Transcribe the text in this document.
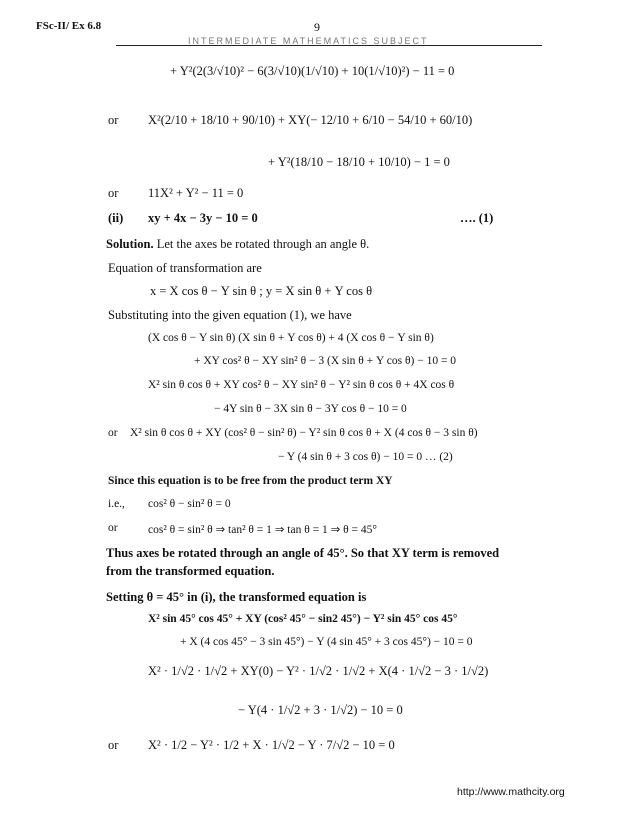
FSc-II/ Ex 6.8	9
INTERMEDIATE MATHEMATICS SUBJECT
+ Y²(2(3/√10)² − 6(3/√10)(1/√10) + 10(1/√10)²) − 11 = 0
or X²(2/10 + 18/10 + 90/10) + XY(− 12/10 + 6/10 − 54/10 + 60/10)
+ Y²(18/10 − 18/10 + 10/10) − 1 = 0
or 11X² + Y² − 11 = 0
(ii) xy + 4x − 3y − 10 = 0	…. (1)
Solution. Let the axes be rotated through an angle θ.
Equation of transformation are
x = X cos θ − Y sin θ ; y = X sin θ + Y cos θ
Substituting into the given equation (1), we have
(X cos θ − Y sin θ) (X sin θ + Y cos θ) + 4 (X cos θ − Y sin θ)
+ XY cos² θ − XY sin² θ − 3 (X sin θ + Y cos θ) − 10 = 0
X² sin θ cos θ + XY cos² θ − XY sin² θ − Y² sin θ cos θ + 4X cos θ
− 4Y sin θ − 3X sin θ − 3Y cos θ − 10 = 0
or X² sin θ cos θ + XY (cos² θ − sin² θ) − Y² sin θ cos θ + X (4 cos θ − 3 sin θ)
− Y (4 sin θ + 3 cos θ) − 10 = 0 … (2)
Since this equation is to be free from the product term XY
i.e., cos² θ − sin² θ = 0
or	cos² θ = sin² θ ⇒ tan² θ = 1 ⇒ tan θ = 1 ⇒ θ = 45°
Thus axes be rotated through an angle of 45°. So that XY term is removed
from the transformed equation.
Setting θ = 45° in (i), the transformed equation is
X² sin 45° cos 45° + XY (cos² 45° − sin2 45°) − Y² sin 45° cos 45°
+ X (4 cos 45° − 3 sin 45°) − Y (4 sin 45° + 3 cos 45°) − 10 = 0
X² · 1/√2 · 1/√2 + XY(0) − Y² · 1/√2 · 1/√2 + X(4 · 1/√2 − 3 · 1/√2)
− Y(4 · 1/√2 + 3 · 1/√2) − 10 = 0
or X² · 1/2 − Y² · 1/2 + X · 1/√2 − Y · 7/√2 − 10 = 0
http://www.mathcity.org
